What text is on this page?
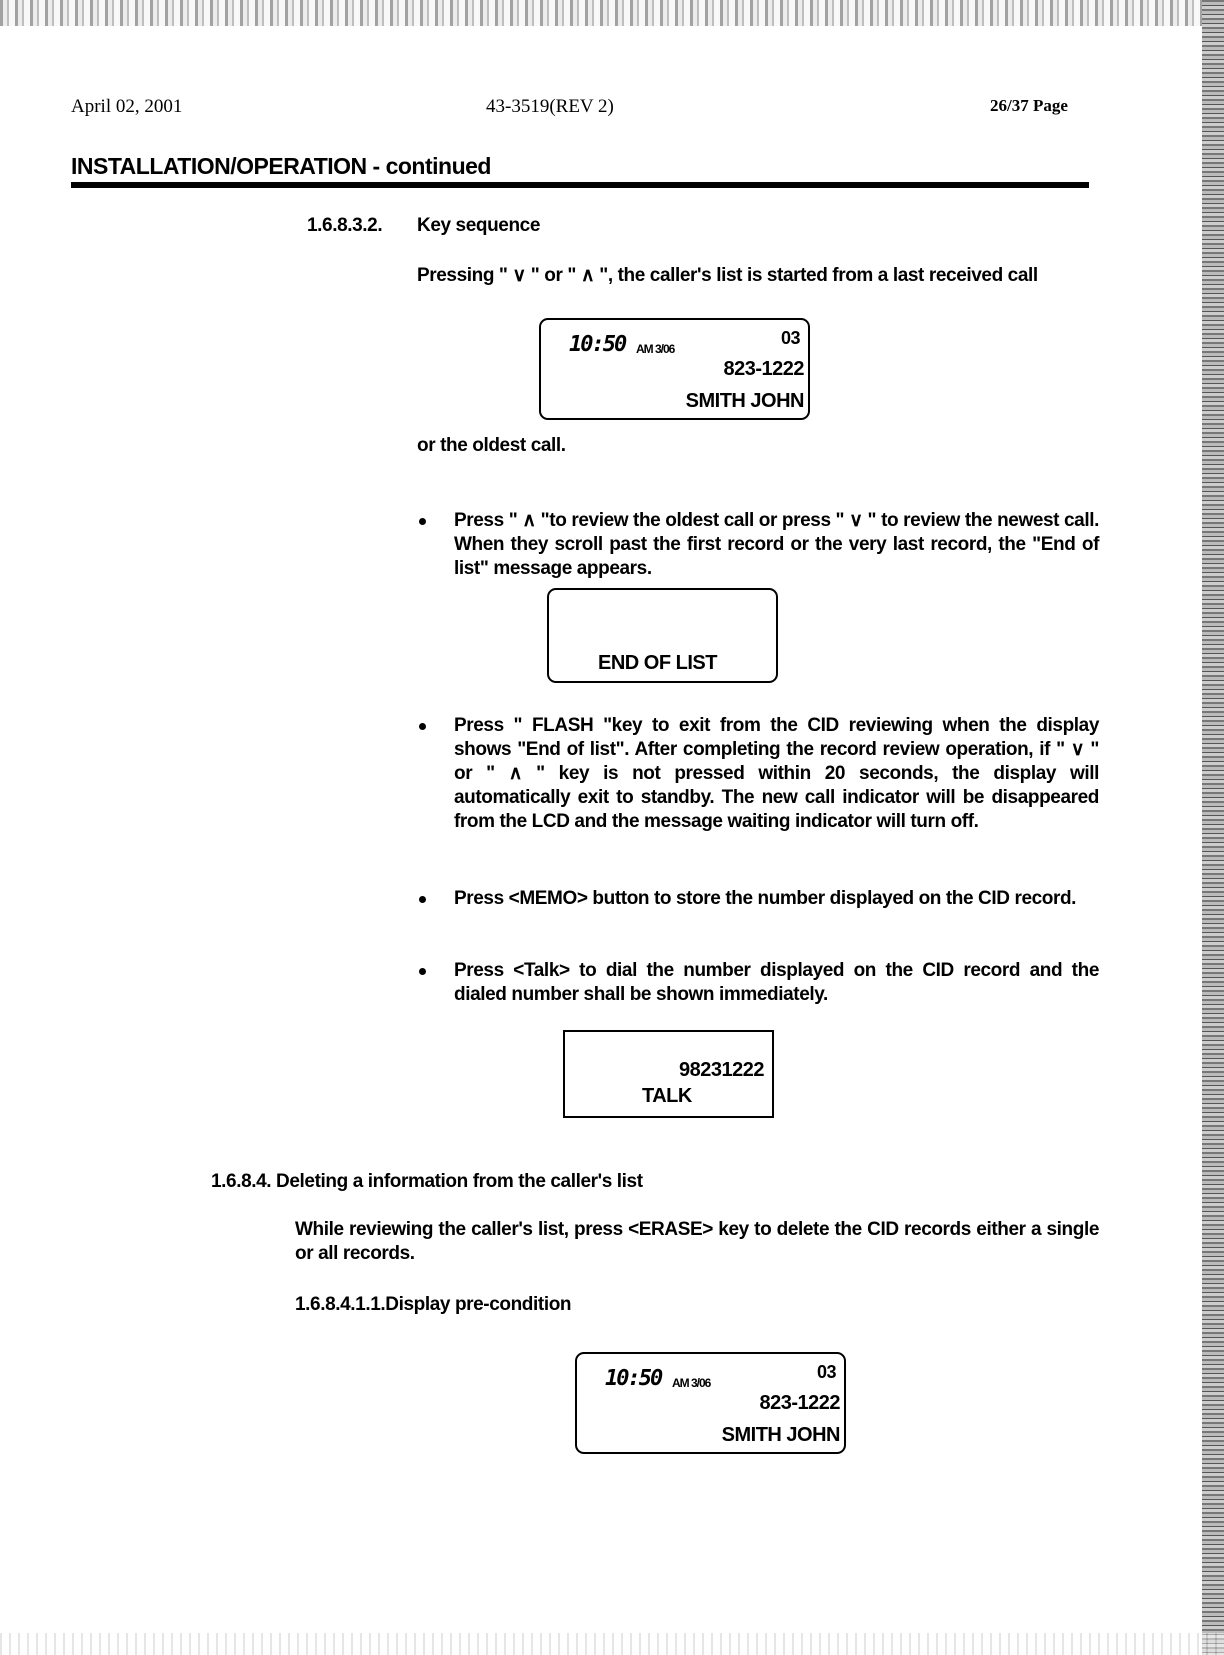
April 02, 2001	43-3519(REV 2)	26/37 Page
INSTALLATION/OPERATION - continued
1.6.8.3.2. Key sequence
Pressing " ∨ " or " ∧ ", the caller's list is started from a last received call
10:50 AM 3/06
03
823-1222
SMITH JOHN
or the oldest call.
Press " ∧ "to review the oldest call or press " ∨ " to review the newest call. When they scroll past the first record or the very last record, the "End of list" message appears.
END OF LIST
Press " FLASH "key to exit from the CID reviewing when the display shows "End of list". After completing the record review operation, if " ∨ " or " ∧ " key is not pressed within 20 seconds, the display will automatically exit to standby. The new call indicator will be disappeared from the LCD and the message waiting indicator will turn off.
Press <MEMO> button to store the number displayed on the CID record.
Press <Talk> to dial the number displayed on the CID record and the dialed number shall be shown immediately.
98231222
TALK
1.6.8.4. Deleting a information from the caller's list
While reviewing the caller's list, press <ERASE> key to delete the CID records either a single or all records.
1.6.8.4.1.1.Display pre-condition
10:50 AM 3/06
03
823-1222
SMITH JOHN
